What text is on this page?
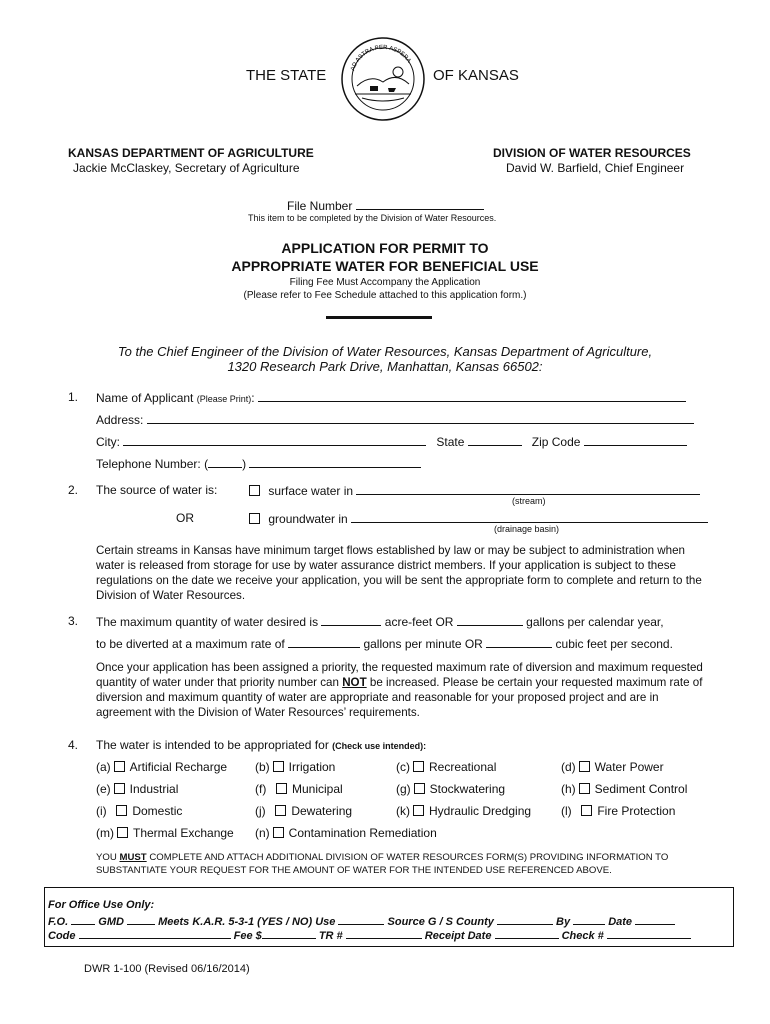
THE STATE	OF KANSAS
AD ASTRA PER ASPERA
KANSAS DEPARTMENT OF AGRICULTURE
Jackie McClaskey, Secretary of Agriculture
DIVISION OF WATER RESOURCES
David W. Barfield, Chief Engineer
File Number
This item to be completed by the Division of Water Resources.
APPLICATION FOR PERMIT TO
APPROPRIATE WATER FOR BENEFICIAL USE
Filing Fee Must Accompany the Application
(Please refer to Fee Schedule attached to this application form.)
To the Chief Engineer of the Division of Water Resources, Kansas Department of Agriculture,
1320 Research Park Drive, Manhattan, Kansas 66502:
1. Name of Applicant (Please Print):
Address:
City:	State	Zip Code
Telephone Number: (	)
2. The source of water is:	surface water in
(stream)
OR	groundwater in
(drainage basin)
Certain streams in Kansas have minimum target flows established by law or may be subject to administration when water is released from storage for use by water assurance district members. If your application is subject to these regulations on the date we receive your application, you will be sent the appropriate form to complete and return to the Division of Water Resources.
3. The maximum quantity of water desired is	acre-feet OR	gallons per calendar year,
to be diverted at a maximum rate of	gallons per minute OR	cubic feet per second.
Once your application has been assigned a priority, the requested maximum rate of diversion and maximum requested quantity of water under that priority number can NOT be increased. Please be certain your requested maximum rate of diversion and maximum quantity of water are appropriate and reasonable for your proposed project and are in agreement with the Division of Water Resources’ requirements.
4. The water is intended to be appropriated for (Check use intended):
(a) Artificial Recharge (b) Irrigation	(c) Recreational	(d) Water Power
(e) Industrial	(f) Municipal	(g) Stockwatering	(h) Sediment Control
(i) Domestic	(j) Dewatering	(k) Hydraulic Dredging (l) Fire Protection
(m) Thermal Exchange (n) Contamination Remediation
YOU MUST COMPLETE AND ATTACH ADDITIONAL DIVISION OF WATER RESOURCES FORM(S) PROVIDING INFORMATION TO SUBSTANTIATE YOUR REQUEST FOR THE AMOUNT OF WATER FOR THE INTENDED USE REFERENCED ABOVE.
For Office Use Only:
F.O.	GMD	Meets K.A.R. 5-3-1 (YES / NO) Use	Source G / S County	By	Date
Code	Fee $	TR #	Receipt Date	Check #
DWR 1-100 (Revised 06/16/2014)
